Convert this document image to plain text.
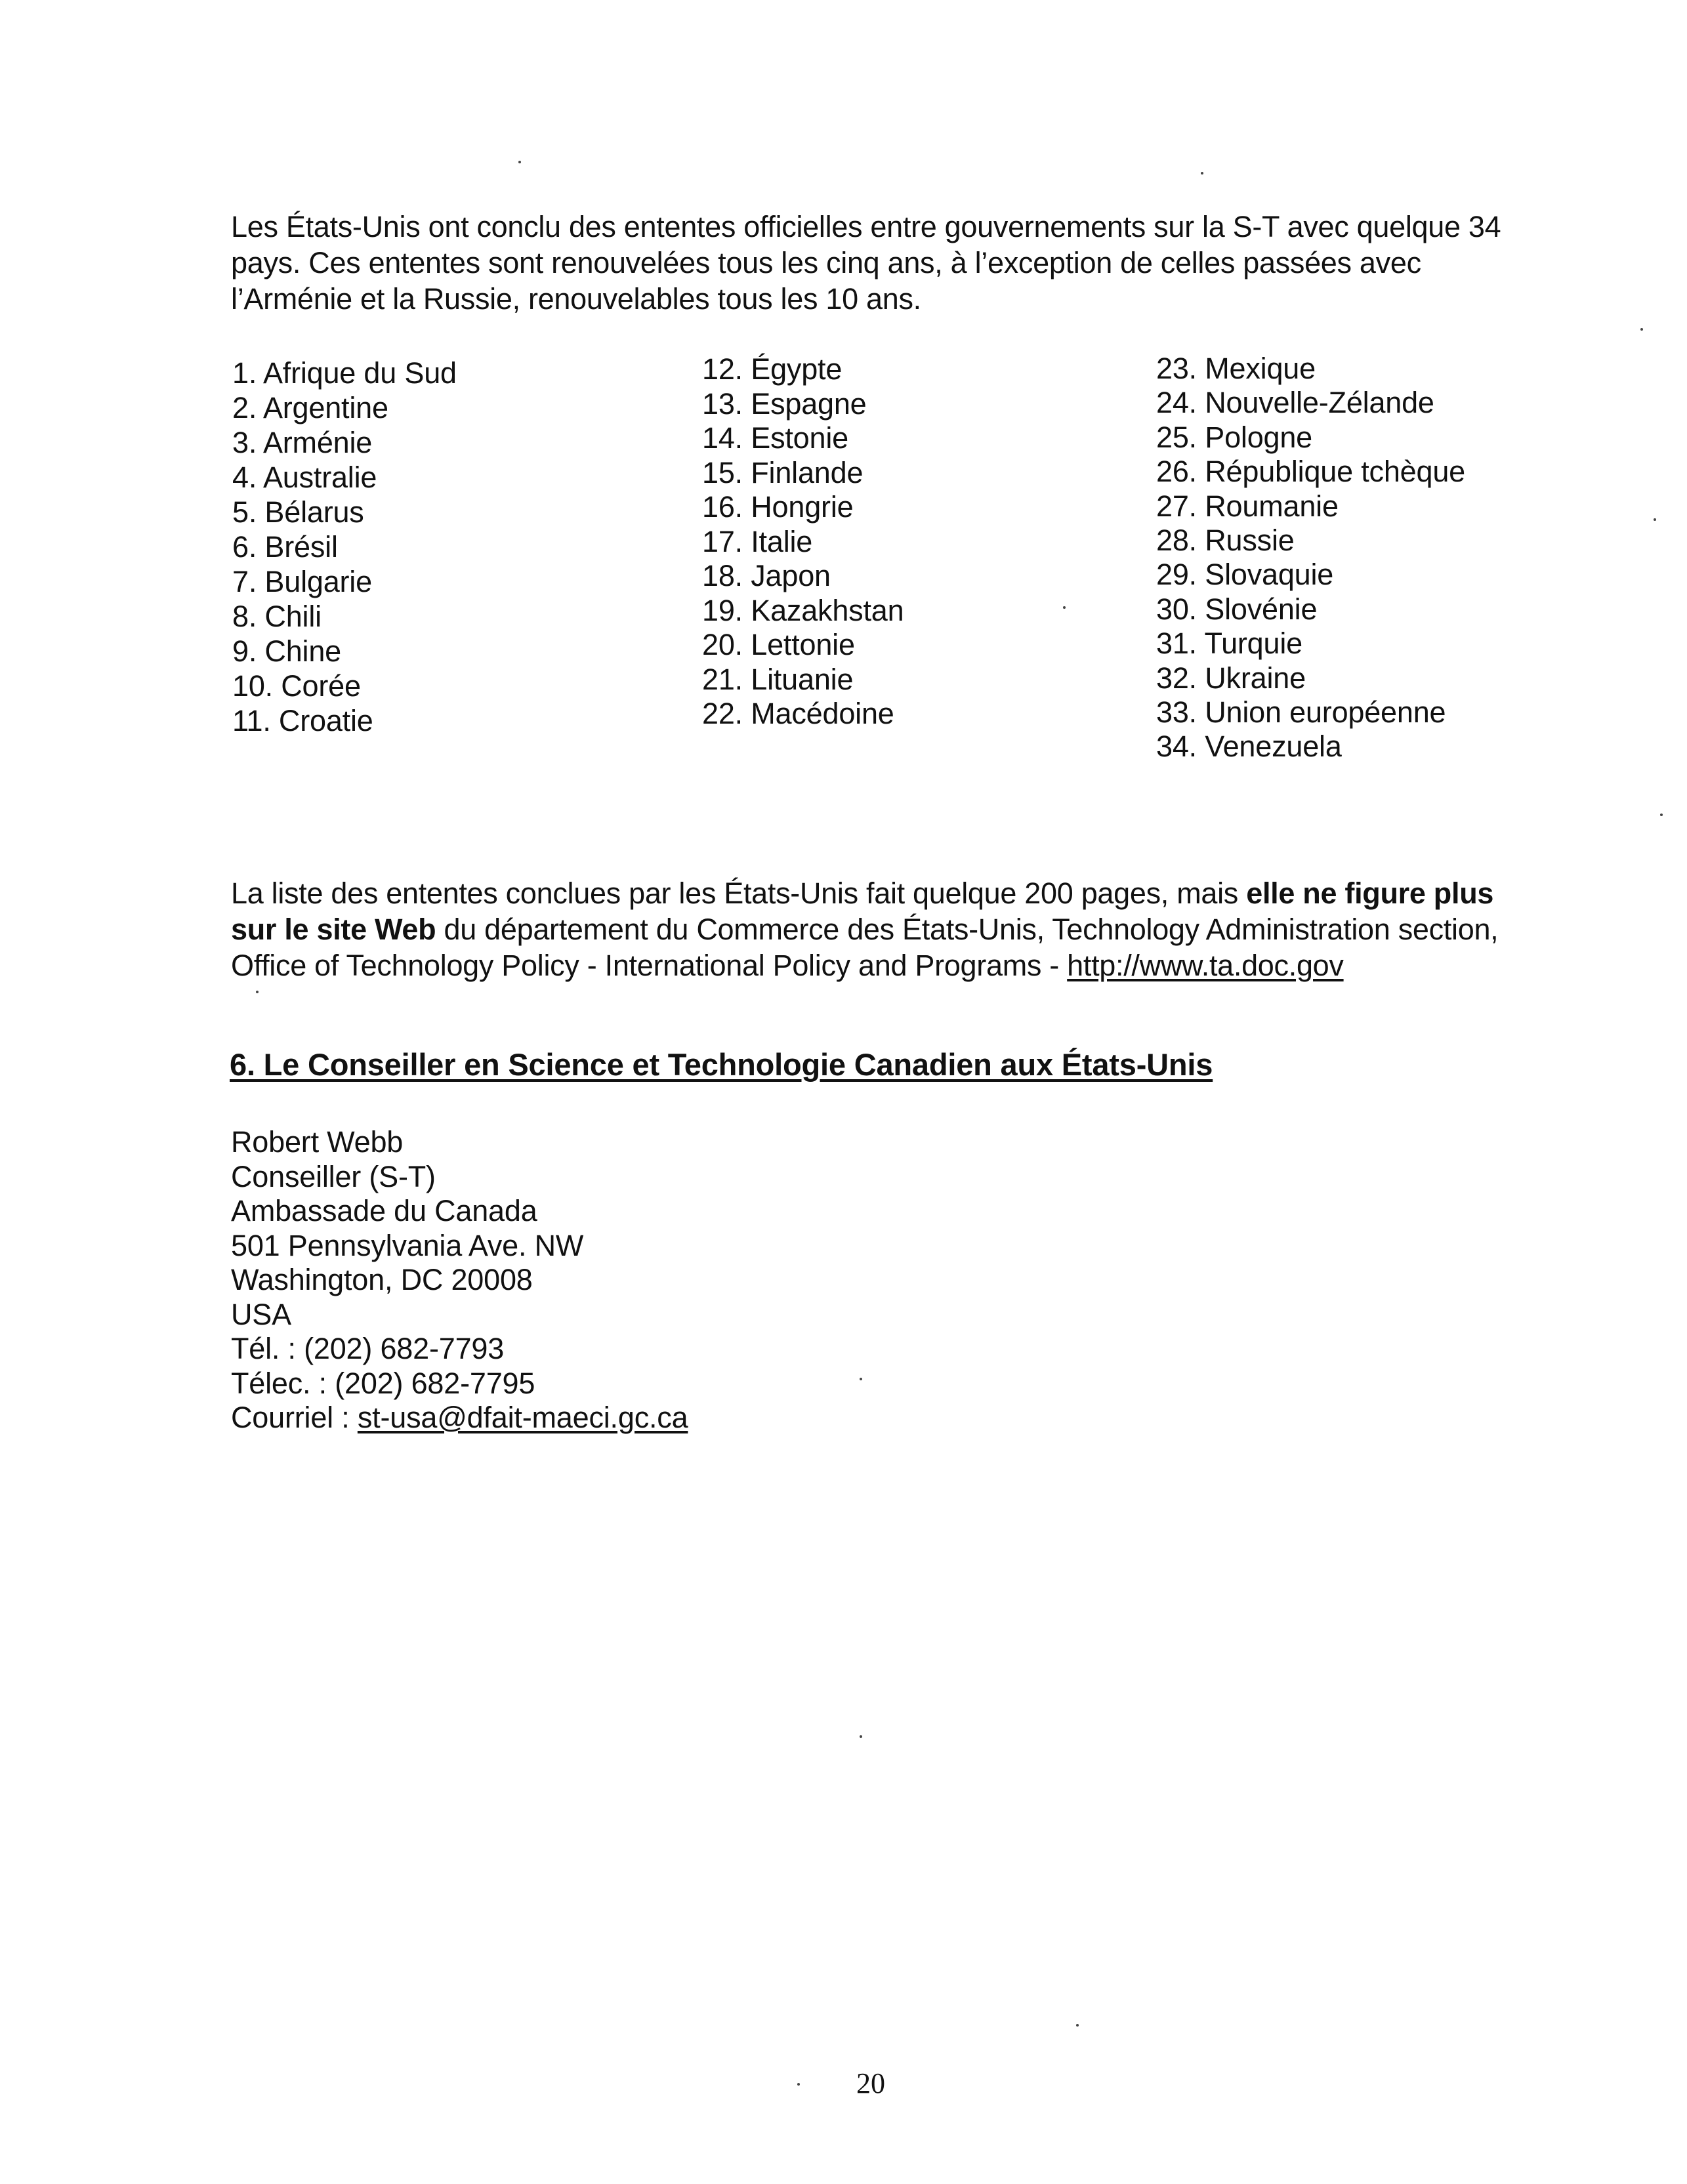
Les États-Unis ont conclu des ententes officielles entre gouvernements sur la S-T avec quelque 34 pays. Ces ententes sont renouvelées tous les cinq ans, à l’exception de celles passées avec l’Arménie et la Russie, renouvelables tous les 10 ans.
1. Afrique du Sud
2. Argentine
3. Arménie
4. Australie
5. Bélarus
6. Brésil
7. Bulgarie
8. Chili
9. Chine
10. Corée
11. Croatie
12. Égypte
13. Espagne
14. Estonie
15. Finlande
16. Hongrie
17. Italie
18. Japon
19. Kazakhstan
20. Lettonie
21. Lituanie
22. Macédoine
23. Mexique
24. Nouvelle-Zélande
25. Pologne
26. République tchèque
27. Roumanie
28. Russie
29. Slovaquie
30. Slovénie
31. Turquie
32. Ukraine
33. Union européenne
34. Venezuela
La liste des ententes conclues par les États-Unis fait quelque 200 pages, mais elle ne figure plus sur le site Web du département du Commerce des États-Unis, Technology Administration section, Office of Technology Policy - International Policy and Programs - http://www.ta.doc.gov
6. Le Conseiller en Science et Technologie Canadien aux États-Unis
Robert Webb
Conseiller (S-T)
Ambassade du Canada
501 Pennsylvania Ave. NW
Washington, DC 20008
USA
Tél. : (202) 682-7793
Télec. : (202) 682-7795
Courriel : st-usa@dfait-maeci.gc.ca
20
